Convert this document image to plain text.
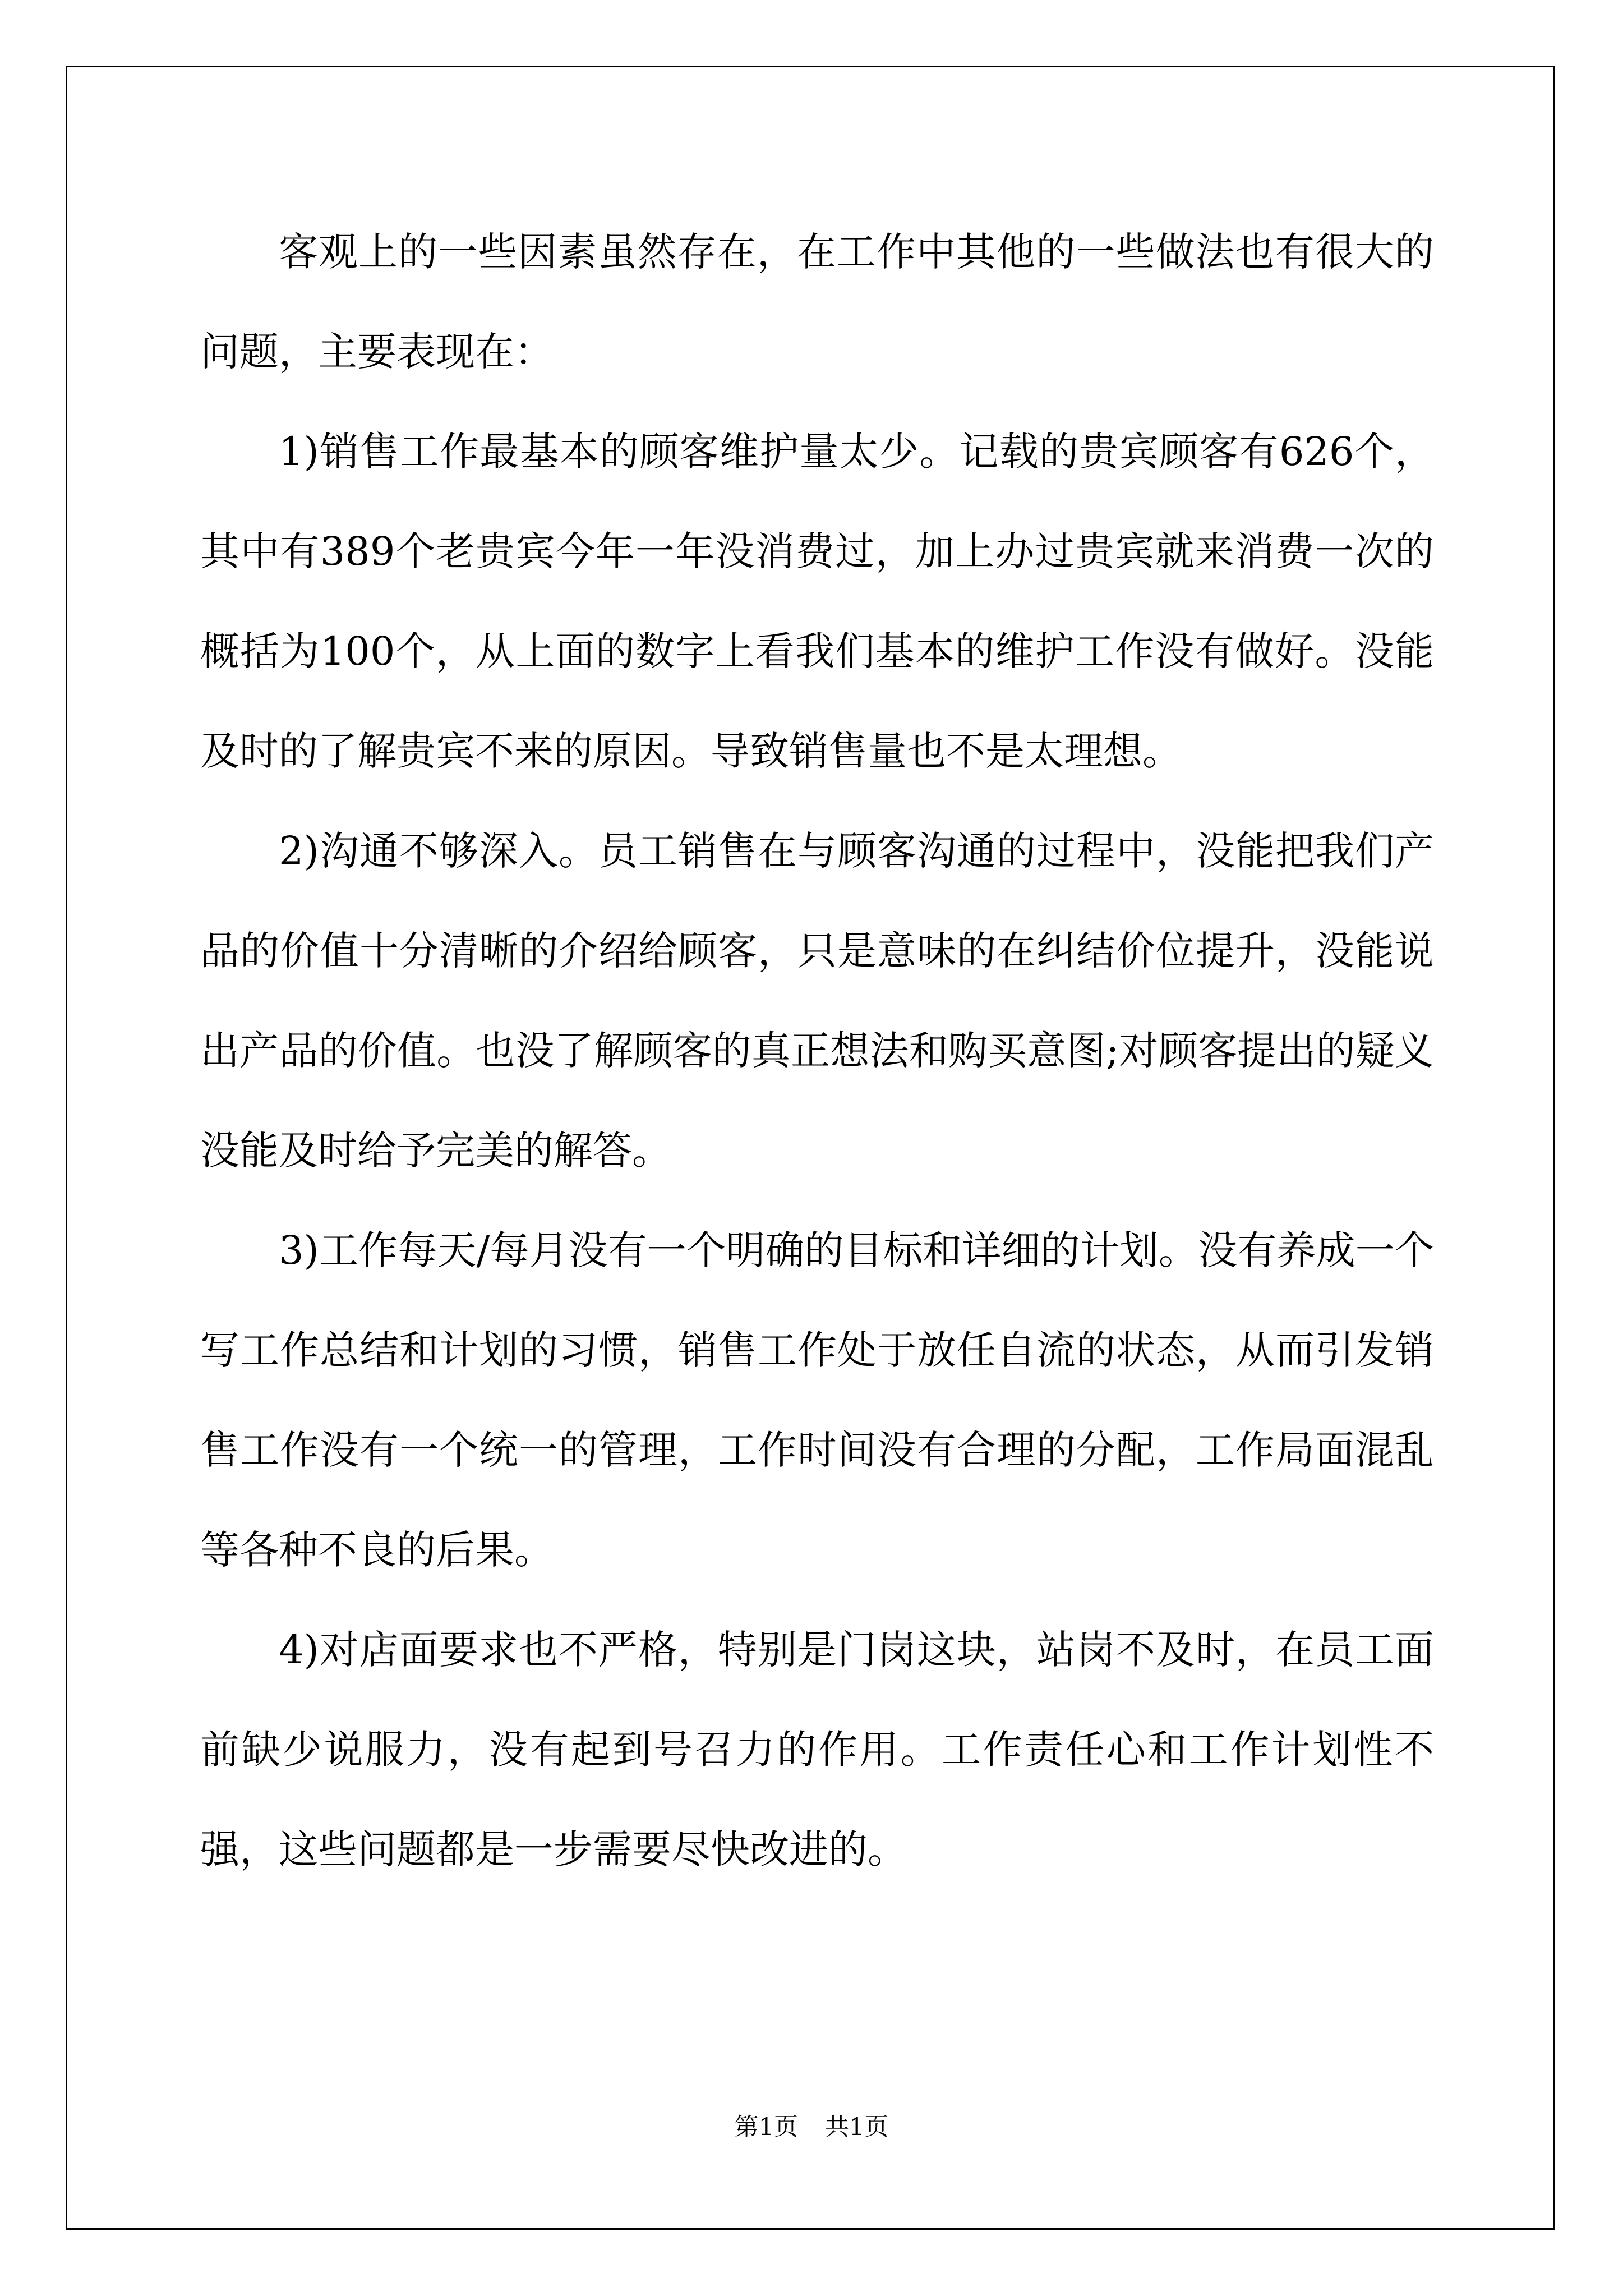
客观上的一些因素虽然存在，在工作中其他的一些做法也有很大的问题，主要表现在：

1)销售工作最基本的顾客维护量太少。记载的贵宾顾客有626个，其中有389个老贵宾今年一年没消费过，加上办过贵宾就来消费一次的概括为100个，从上面的数字上看我们基本的维护工作没有做好。没能及时的了解贵宾不来的原因。导致销售量也不是太理想。

2)沟通不够深入。员工销售在与顾客沟通的过程中，没能把我们产品的价值十分清晰的介绍给顾客，只是意味的在纠结价位提升，没能说出产品的价值。也没了解顾客的真正想法和购买意图;对顾客提出的疑义没能及时给予完美的解答。

3)工作每天/每月没有一个明确的目标和详细的计划。没有养成一个写工作总结和计划的习惯，销售工作处于放任自流的状态，从而引发销售工作没有一个统一的管理，工作时间没有合理的分配，工作局面混乱等各种不良的后果。

4)对店面要求也不严格，特别是门岗这块，站岗不及时，在员工面前缺少说服力，没有起到号召力的作用。工作责任心和工作计划性不强，这些问题都是一步需要尽快改进的。

第1页 共1页
